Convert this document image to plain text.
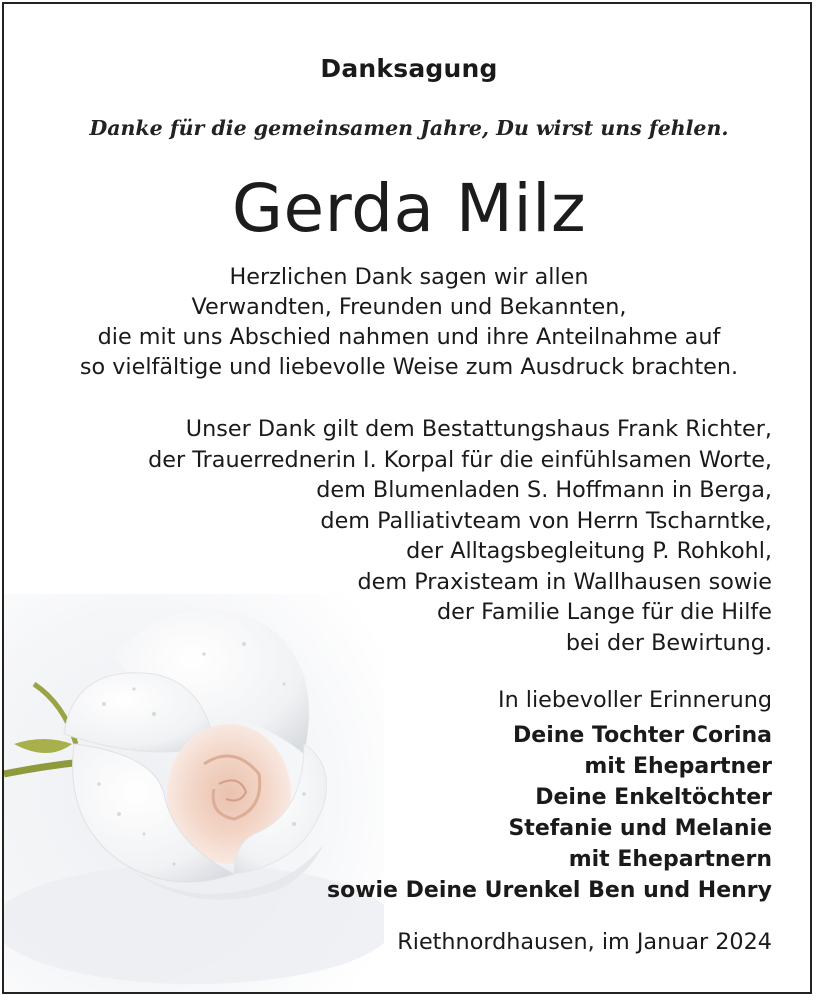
Danksagung
Danke für die gemeinsamen Jahre, Du wirst uns fehlen.
Gerda Milz
Herzlichen Dank sagen wir allen
Verwandten, Freunden und Bekannten,
die mit uns Abschied nahmen und ihre Anteilnahme auf
so vielfältige und liebevolle Weise zum Ausdruck brachten.
Unser Dank gilt dem Bestattungshaus Frank Richter,
der Trauerrednerin I. Korpal für die einfühlsamen Worte,
dem Blumenladen S. Hoffmann in Berga,
dem Palliativteam von Herrn Tscharntke,
der Alltagsbegleitung P. Rohkohl,
dem Praxisteam in Wallhausen sowie
der Familie Lange für die Hilfe
bei der Bewirtung.
In liebevoller Erinnerung
Deine Tochter Corina
mit Ehepartner
Deine Enkeltöchter
Stefanie und Melanie
mit Ehepartnern
sowie Deine Urenkel Ben und Henry
Riethnordhausen, im Januar 2024
